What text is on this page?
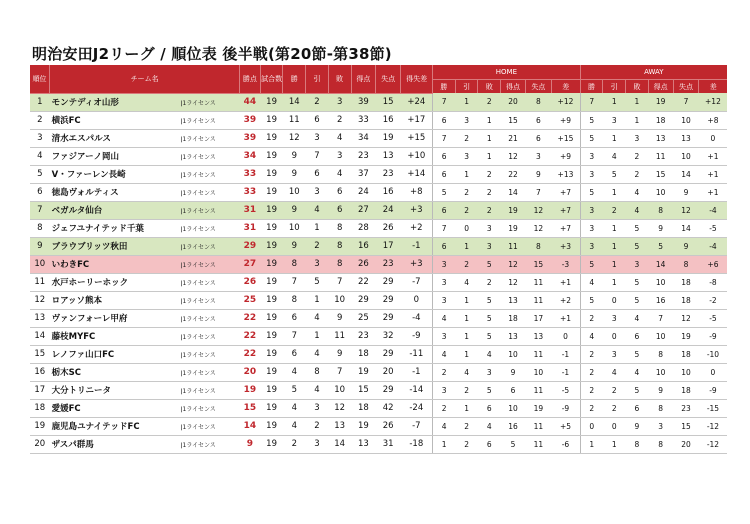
明治安田J2リーグ / 順位表 後半戦(第20節-第38節)
順位	チーム名		勝点	試合数	勝	引	敗	得点	失点	得失差	HOME						AWAY					
											勝	引	敗	得点	失点	差	勝	引	敗	得点	失点	差
1	モンテディオ山形	J1ライセンス	44	19	14	2	3	39	15	+24	7	1	2	20	8	+12	7	1	1	19	7	+12
2	横浜FC	J1ライセンス	39	19	11	6	2	33	16	+17	6	3	1	15	6	+9	5	3	1	18	10	+8
3	清水エスパルス	J1ライセンス	39	19	12	3	4	34	19	+15	7	2	1	21	6	+15	5	1	3	13	13	0
4	ファジアーノ岡山	J1ライセンス	34	19	9	7	3	23	13	+10	6	3	1	12	3	+9	3	4	2	11	10	+1
5	V・ファーレン長崎	J1ライセンス	33	19	9	6	4	37	23	+14	6	1	2	22	9	+13	3	5	2	15	14	+1
6	徳島ヴォルティス	J1ライセンス	33	19	10	3	6	24	16	+8	5	2	2	14	7	+7	5	1	4	10	9	+1
7	ベガルタ仙台	J1ライセンス	31	19	9	4	6	27	24	+3	6	2	2	19	12	+7	3	2	4	8	12	-4
8	ジェフユナイテッド千葉	J1ライセンス	31	19	10	1	8	28	26	+2	7	0	3	19	12	+7	3	1	5	9	14	-5
9	ブラウブリッツ秋田	J1ライセンス	29	19	9	2	8	16	17	-1	6	1	3	11	8	+3	3	1	5	5	9	-4
10	いわきFC	J1ライセンス	27	19	8	3	8	26	23	+3	3	2	5	12	15	-3	5	1	3	14	8	+6
11	水戸ホーリーホック	J1ライセンス	26	19	7	5	7	22	29	-7	3	4	2	12	11	+1	4	1	5	10	18	-8
12	ロアッソ熊本	J1ライセンス	25	19	8	1	10	29	29	0	3	1	5	13	11	+2	5	0	5	16	18	-2
13	ヴァンフォーレ甲府	J1ライセンス	22	19	6	4	9	25	29	-4	4	1	5	18	17	+1	2	3	4	7	12	-5
14	藤枝MYFC	J1ライセンス	22	19	7	1	11	23	32	-9	3	1	5	13	13	0	4	0	6	10	19	-9
15	レノファ山口FC	J1ライセンス	22	19	6	4	9	18	29	-11	4	1	4	10	11	-1	2	3	5	8	18	-10
16	栃木SC	J1ライセンス	20	19	4	8	7	19	20	-1	2	4	3	9	10	-1	2	4	4	10	10	0
17	大分トリニータ	J1ライセンス	19	19	5	4	10	15	29	-14	3	2	5	6	11	-5	2	2	5	9	18	-9
18	愛媛FC	J1ライセンス	15	19	4	3	12	18	42	-24	2	1	6	10	19	-9	2	2	6	8	23	-15
19	鹿児島ユナイテッドFC	J1ライセンス	14	19	4	2	13	19	26	-7	4	2	4	16	11	+5	0	0	9	3	15	-12
20	ザスパ群馬	J1ライセンス	9	19	2	3	14	13	31	-18	1	2	6	5	11	-6	1	1	8	8	20	-12
